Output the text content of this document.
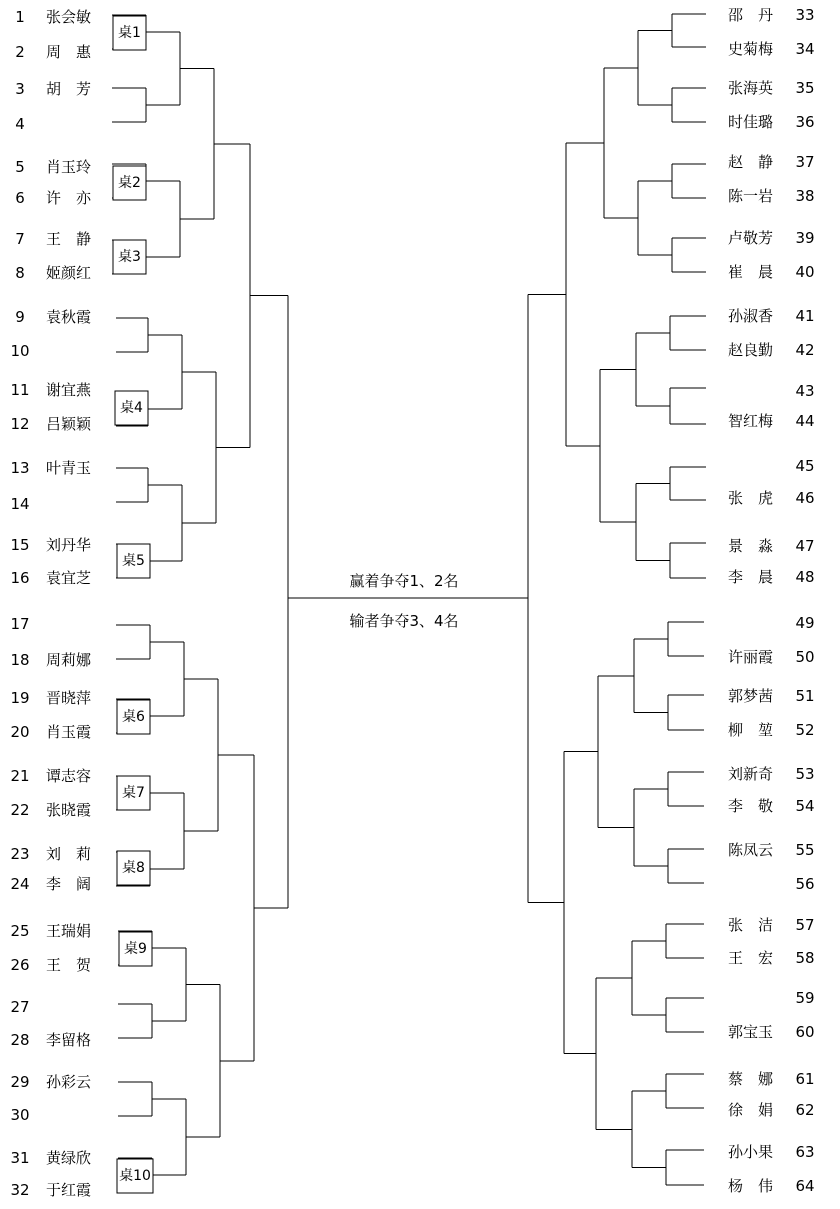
桌1
桌2
桌3
桌4
桌5
桌6
桌7
桌8
桌9
桌10
1 张会敏
2 周　惠
3 胡　芳
4
5 肖玉玲
6 许　亦
7 王　静
8 姬颜红
9 袁秋霞
10
11 谢宜燕
12 吕颖颖
13 叶青玉
14
15 刘丹华
16 袁宜芝
17
18 周莉娜
19 晋晓萍
20 肖玉霞
21 谭志容
22 张晓霞
23 刘　莉
24 李　阔
25 王瑞娟
26 王　贺
27
28 李留格
29 孙彩云
30
31 黄绿欣
32 于红霞
33
邵　丹
34
史菊梅
35
张海英
36
时佳璐
37
赵　静
38
陈一岩
39
卢敬芳
40
崔　晨
41
孙淑香
42
赵良勤
43
44
智红梅
45
46
张　虎
47
景　淼
48
李　晨
49
50
许丽霞
51
郭梦茜
52
柳　堃
53
刘新奇
54
李　敬
55
陈凤云
56
57
张　洁
58
王　宏
59
60
郭宝玉
61
蔡　娜
62
徐　娟
63
孙小果
64
杨　伟
赢着争夺1、2名
输者争夺3、4名
